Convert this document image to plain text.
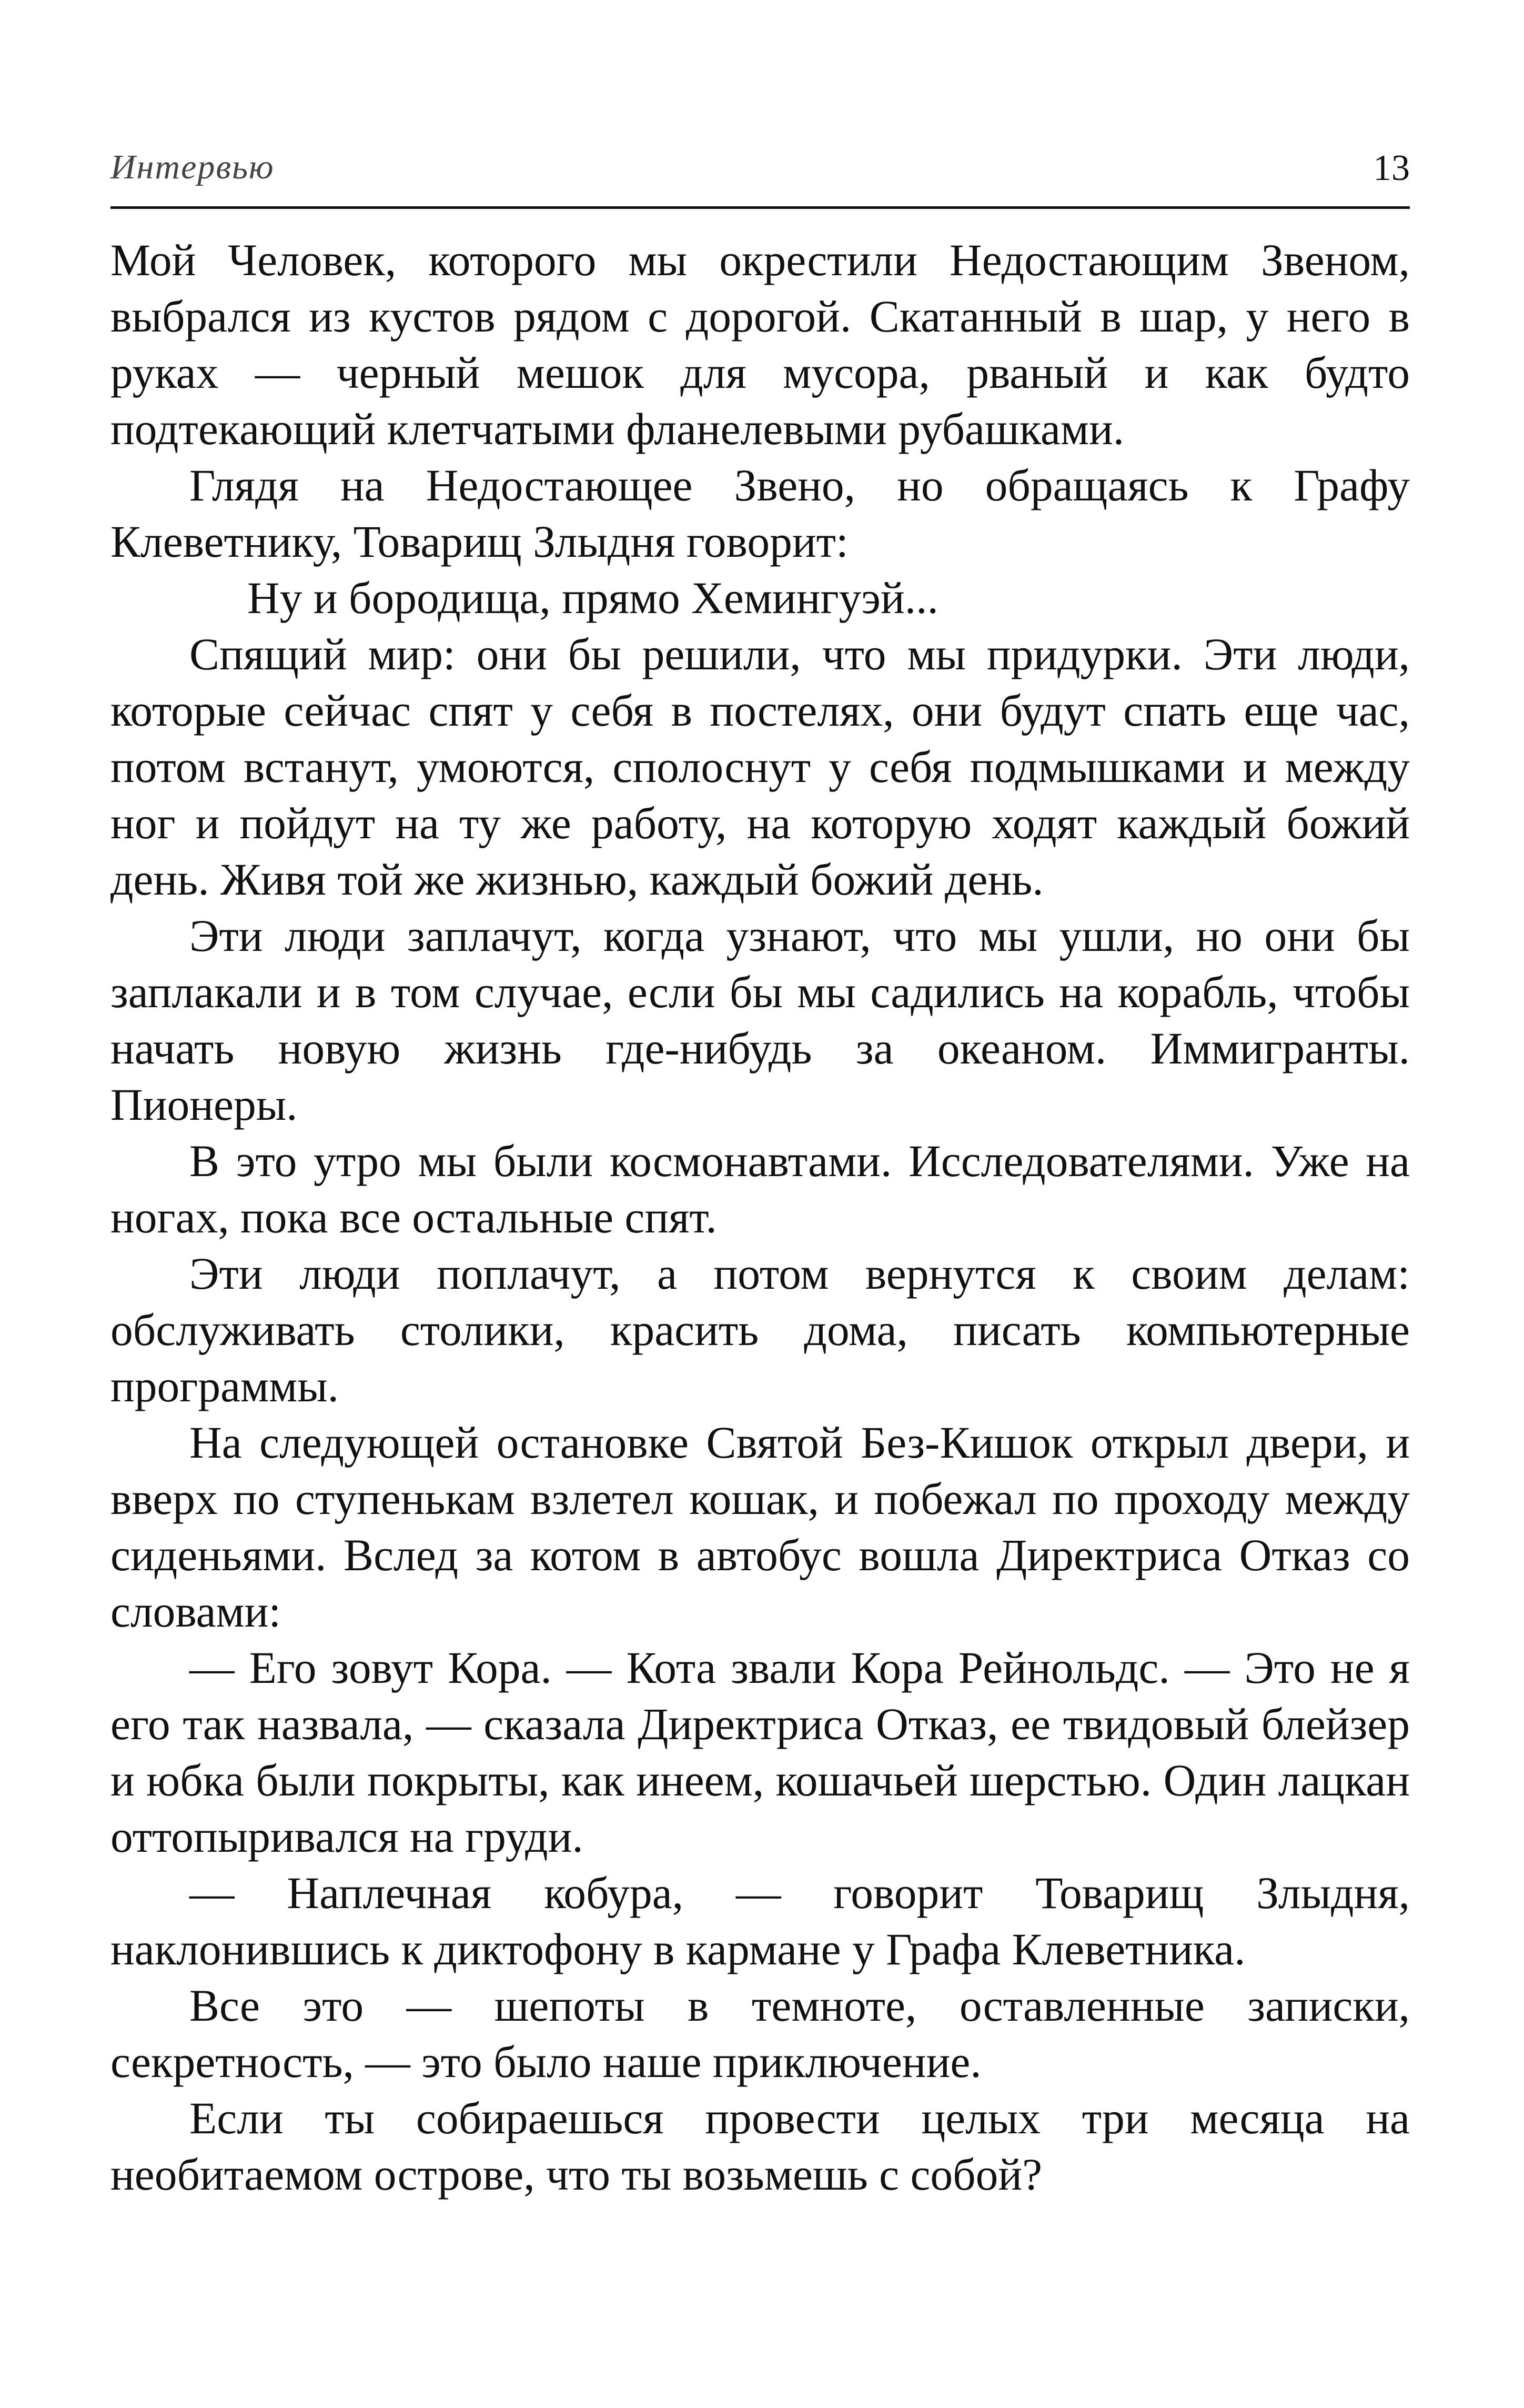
Интервью	13

Мой Человек, которого мы окрестили Недостающим Звеном, выбрался из кустов рядом с дорогой. Скатанный в шар, у него в руках — черный мешок для мусора, рваный и как будто подтекающий клетчатыми фланелевыми рубашками.

Глядя на Недостающее Звено, но обращаясь к Графу Клеветнику, Товарищ Злыдня говорит:

Ну и бородища, прямо Хемингуэй...

Спящий мир: они бы решили, что мы придурки. Эти люди, которые сейчас спят у себя в постелях, они будут спать еще час, потом встанут, умоются, сполоснут у себя подмышками и между ног и пойдут на ту же работу, на которую ходят каждый божий день. Живя той же жизнью, каждый божий день.

Эти люди заплачут, когда узнают, что мы ушли, но они бы заплакали и в том случае, если бы мы садились на корабль, чтобы начать новую жизнь где-нибудь за океаном. Иммигранты. Пионеры.

В это утро мы были космонавтами. Исследователями. Уже на ногах, пока все остальные спят.

Эти люди поплачут, а потом вернутся к своим делам: обслуживать столики, красить дома, писать компьютерные программы.

На следующей остановке Святой Без-Кишок открыл двери, и вверх по ступенькам взлетел кошак, и побежал по проходу между сиденьями. Вслед за котом в автобус вошла Директриса Отказ со словами:

— Его зовут Кора. — Кота звали Кора Рейнольдс. — Это не я его так назвала, — сказала Директриса Отказ, ее твидовый блейзер и юбка были покрыты, как инеем, кошачьей шерстью. Один лацкан оттопыривался на груди.

— Наплечная кобура, — говорит Товарищ Злыдня, наклонившись к диктофону в кармане у Графа Клеветника.

Все это — шепоты в темноте, оставленные записки, секретность, — это было наше приключение.

Если ты собираешься провести целых три месяца на необитаемом острове, что ты возьмешь с собой?
